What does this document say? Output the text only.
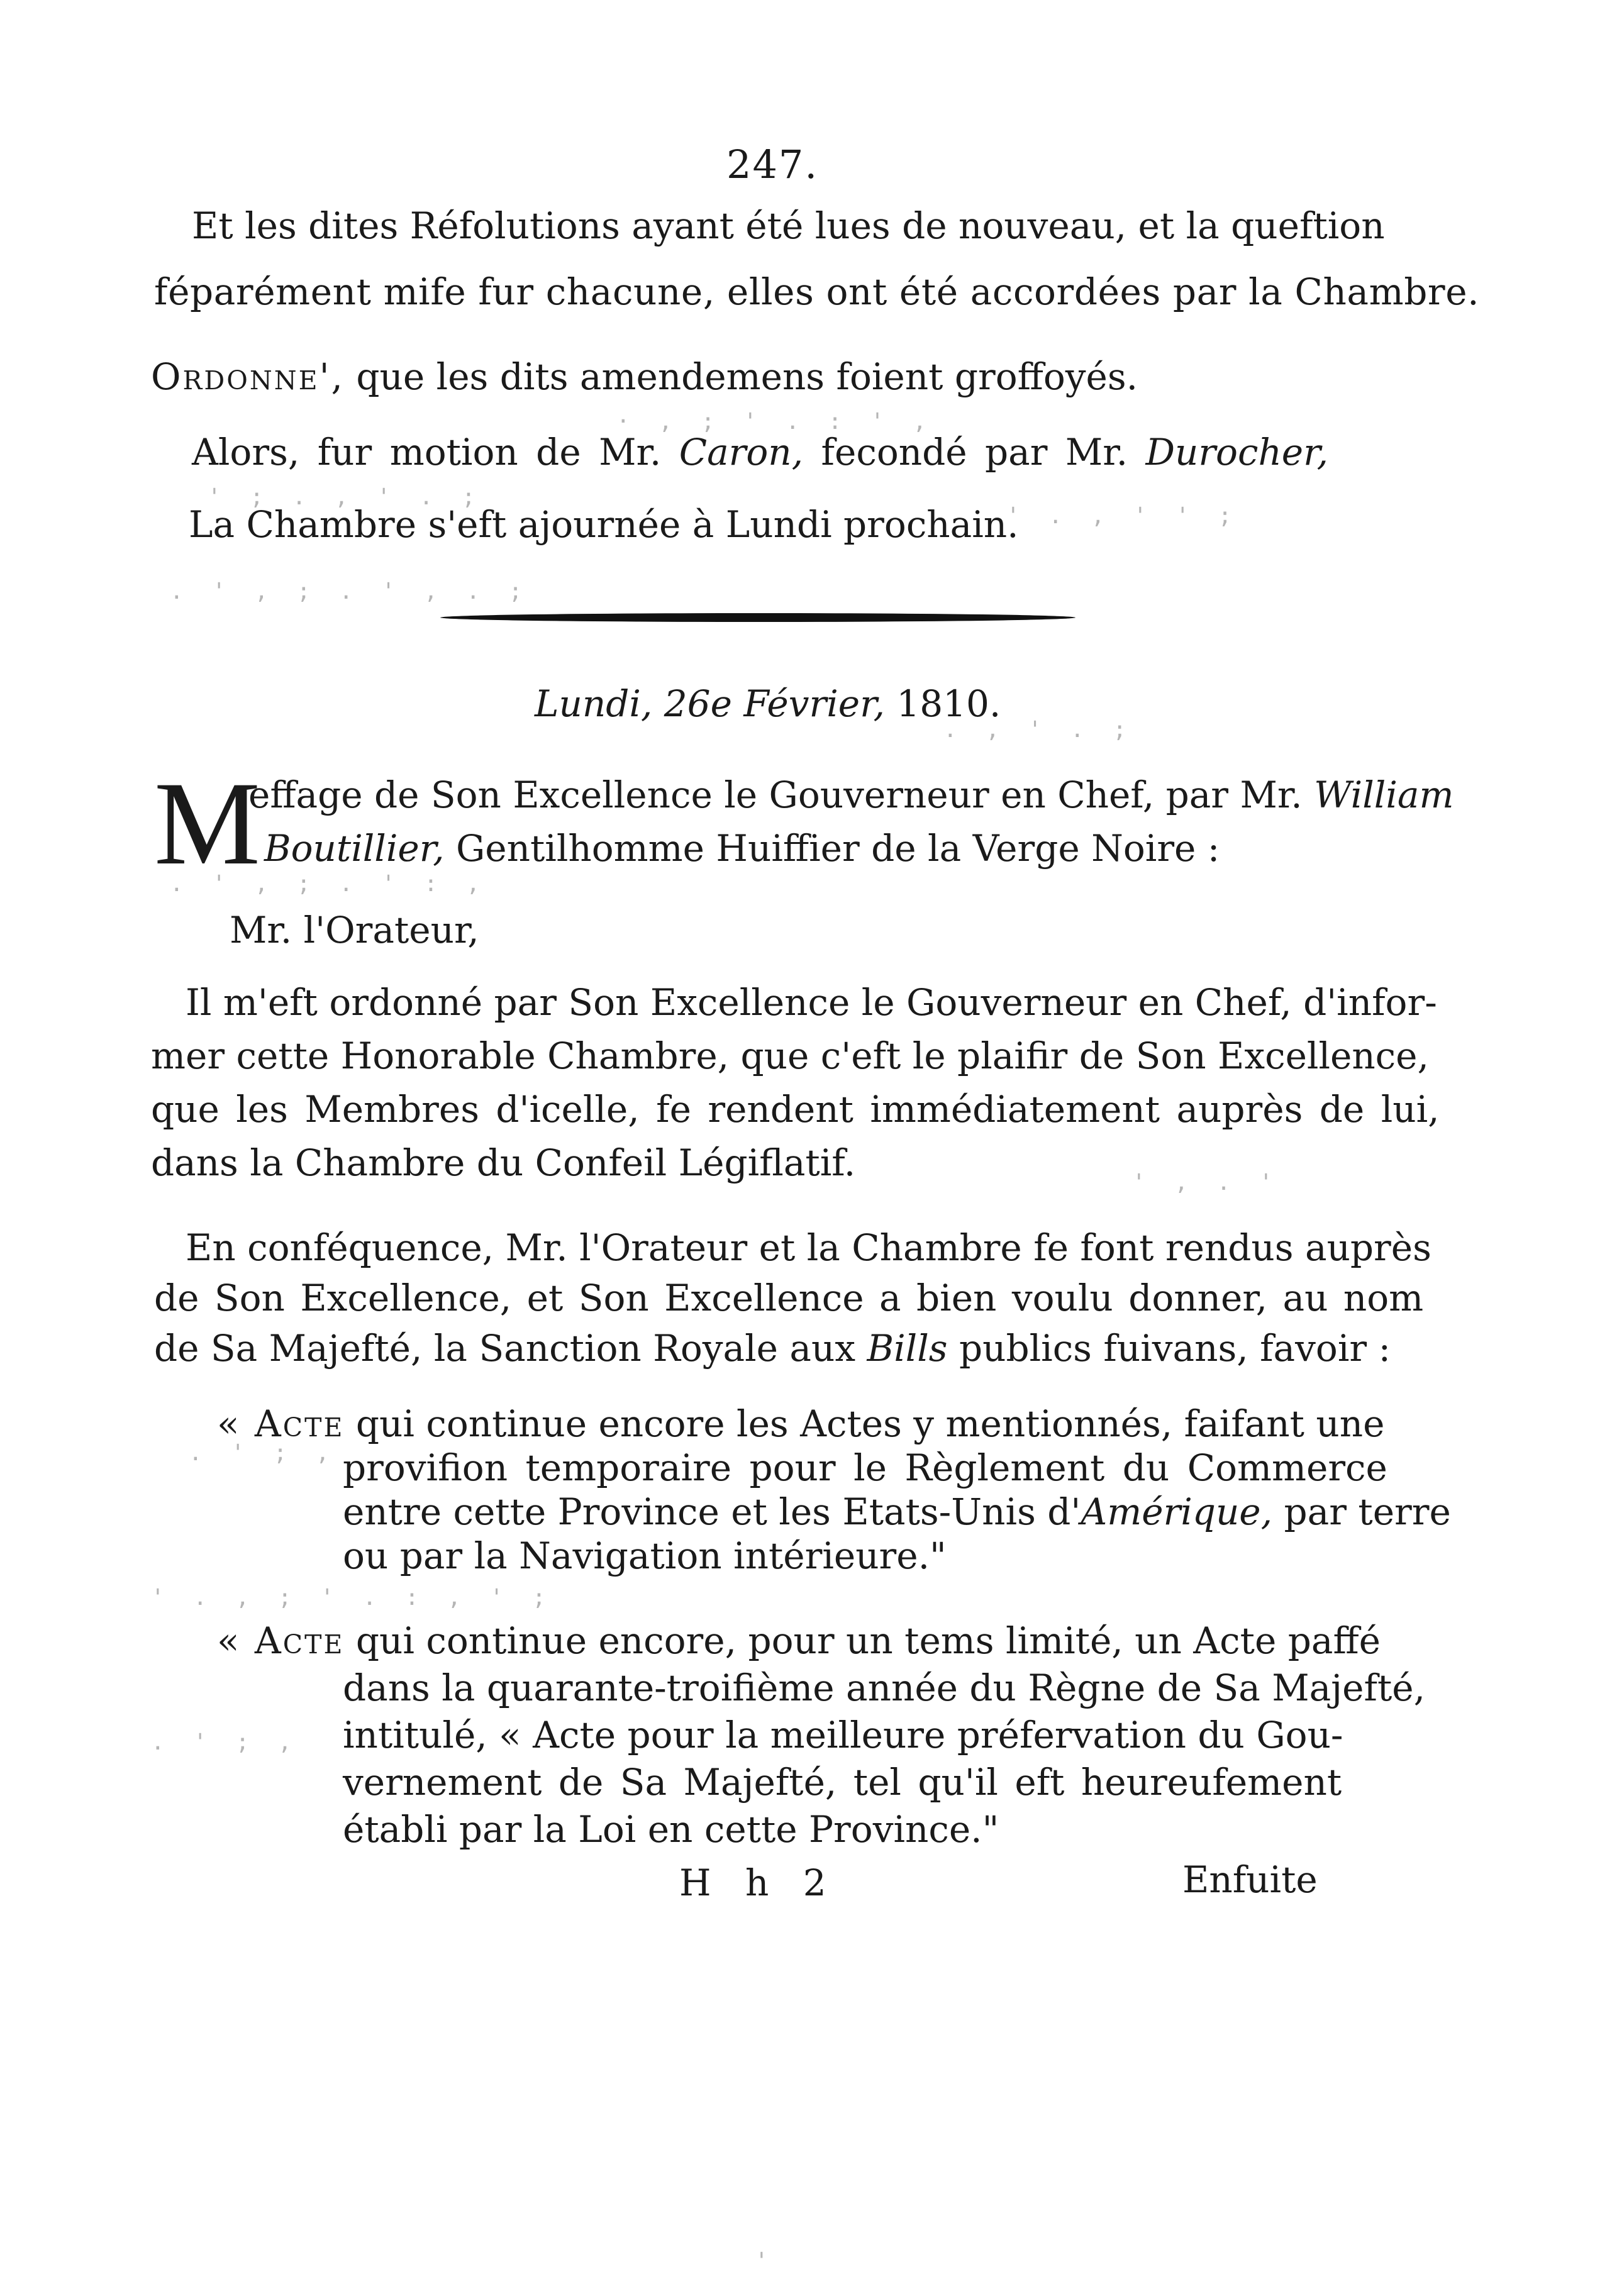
247.
Et les dites Réfolutions ayant été lues de nouveau, et la queftion
féparément mife fur chacune, elles ont été accordées par la Chambre.
Ordonne', que les dits amendemens foient groffoyés.
Alors, fur motion de Mr. Caron, fecondé par Mr. Durocher,
La Chambre s'eft ajournée à Lundi prochain.
Lundi, 26e Février, 1810.
M
effage de Son Excellence le Gouverneur en Chef, par Mr. William
Boutillier, Gentilhomme Huiffier de la Verge Noire :
Mr. l'Orateur,
Il m'eft ordonné par Son Excellence le Gouverneur en Chef, d'infor-
mer cette Honorable Chambre, que c'eft le plaifir de Son Excellence,
que les Membres d'icelle, fe rendent immédiatement auprès de lui,
dans la Chambre du Confeil Légiflatif.
En conféquence, Mr. l'Orateur et la Chambre fe font rendus auprès
de Son Excellence, et Son Excellence a bien voulu donner, au nom
de Sa Majefté, la Sanction Royale aux Bills publics fuivans, favoir :
« Acte qui continue encore les Actes y mentionnés, faifant une
provifion temporaire pour le Règlement du Commerce
entre cette Province et les Etats-Unis d'Amérique, par terre
ou par la Navigation intérieure."
« Acte qui continue encore, pour un tems limité, un Acte paffé
dans la quarante-troifième année du Règne de Sa Majefté,
intitulé, « Acte pour la meilleure préfervation du Gou-
vernement de Sa Majefté, tel qu'il eft heureufement
établi par la Loi en cette Province."
H h 2	Enfuite
· , ; ' . : ' ,
' ; . , ' . ;
' . , ' ' ;
. ' , ; . ' , . ;
. , ' . ;
. ' , ; . ' : ,
' , . '
. ' ; ,
' . , ; ' . : , ' ;
. ' ; ,
'
